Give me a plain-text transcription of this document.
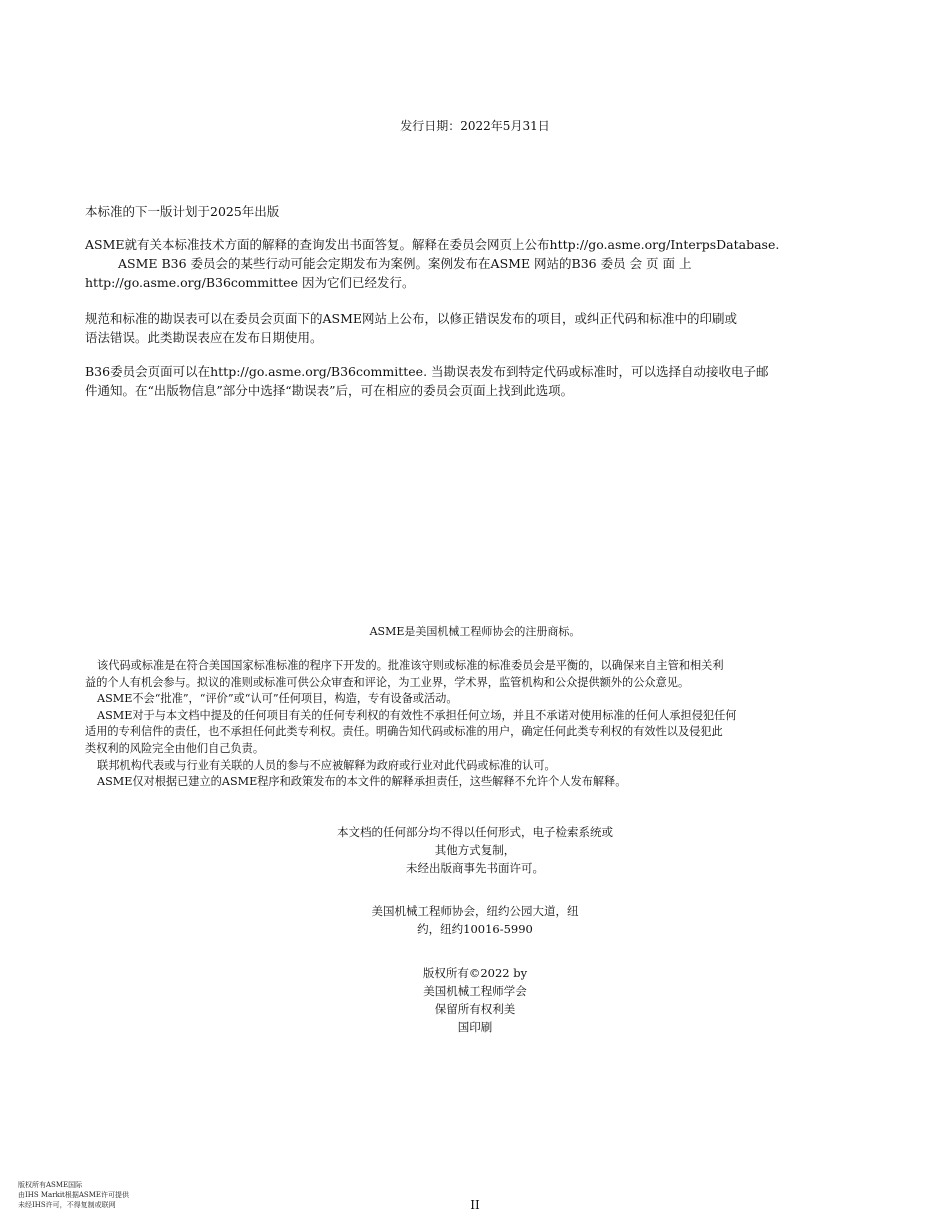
发行日期：2022年5月31日
本标准的下一版计划于2025年出版
ASME就有关本标准技术方面的解释的查询发出书面答复。解释在委员会网页上公布http://go.asme.org/InterpsDatabase.
ASME B36 委员会的某些行动可能会定期发布为案例。案例发布在ASME 网站的B36 委员 会 页 面 上
http://go.asme.org/B36committee 因为它们已经发行。
规范和标准的勘误表可以在委员会页面下的ASME网站上公布，以修正错误发布的项目，或纠正代码和标准中的印刷或
语法错误。此类勘误表应在发布日期使用。
B36委员会页面可以在http://go.asme.org/B36committee. 当勘误表发布到特定代码或标准时，可以选择自动接收电子邮
件通知。在“出版物信息”部分中选择“勘误表”后，可在相应的委员会页面上找到此选项。
ASME是美国机械工程师协会的注册商标。

该代码或标准是在符合美国国家标准标准的程序下开发的。批准该守则或标准的标准委员会是平衡的，以确保来自主管和相关利

益的个人有机会参与。拟议的准则或标准可供公众审查和评论，为工业界，学术界，监管机构和公众提供额外的公众意见。

ASME不会“批准”，“评价”或“认可”任何项目，构造，专有设备或活动。

ASME对于与本文档中提及的任何项目有关的任何专利权的有效性不承担任何立场，并且不承诺对使用标准的任何人承担侵犯任何

适用的专利信件的责任，也不承担任何此类专利权。责任。明确告知代码或标准的用户，确定任何此类专利权的有效性以及侵犯此
类权利的风险完全由他们自己负责。

联邦机构代表或与行业有关联的人员的参与不应被解释为政府或行业对此代码或标准的认可。

ASME仅对根据已建立的ASME程序和政策发布的本文件的解释承担责任，这些解释不允许个人发布解释。

本文档的任何部分均不得以任何形式，电子检索系统或
其他方式复制，
未经出版商事先书面许可。
美国机械工程师协会，纽约公园大道，纽
约，纽约10016-5990
版权所有©2022 by
美国机械工程师学会
保留所有权利美
国印刷
版权所有ASME国际
由IHS Markit根据ASME许可提供
未经IHS许可，不得复制或联网	II
